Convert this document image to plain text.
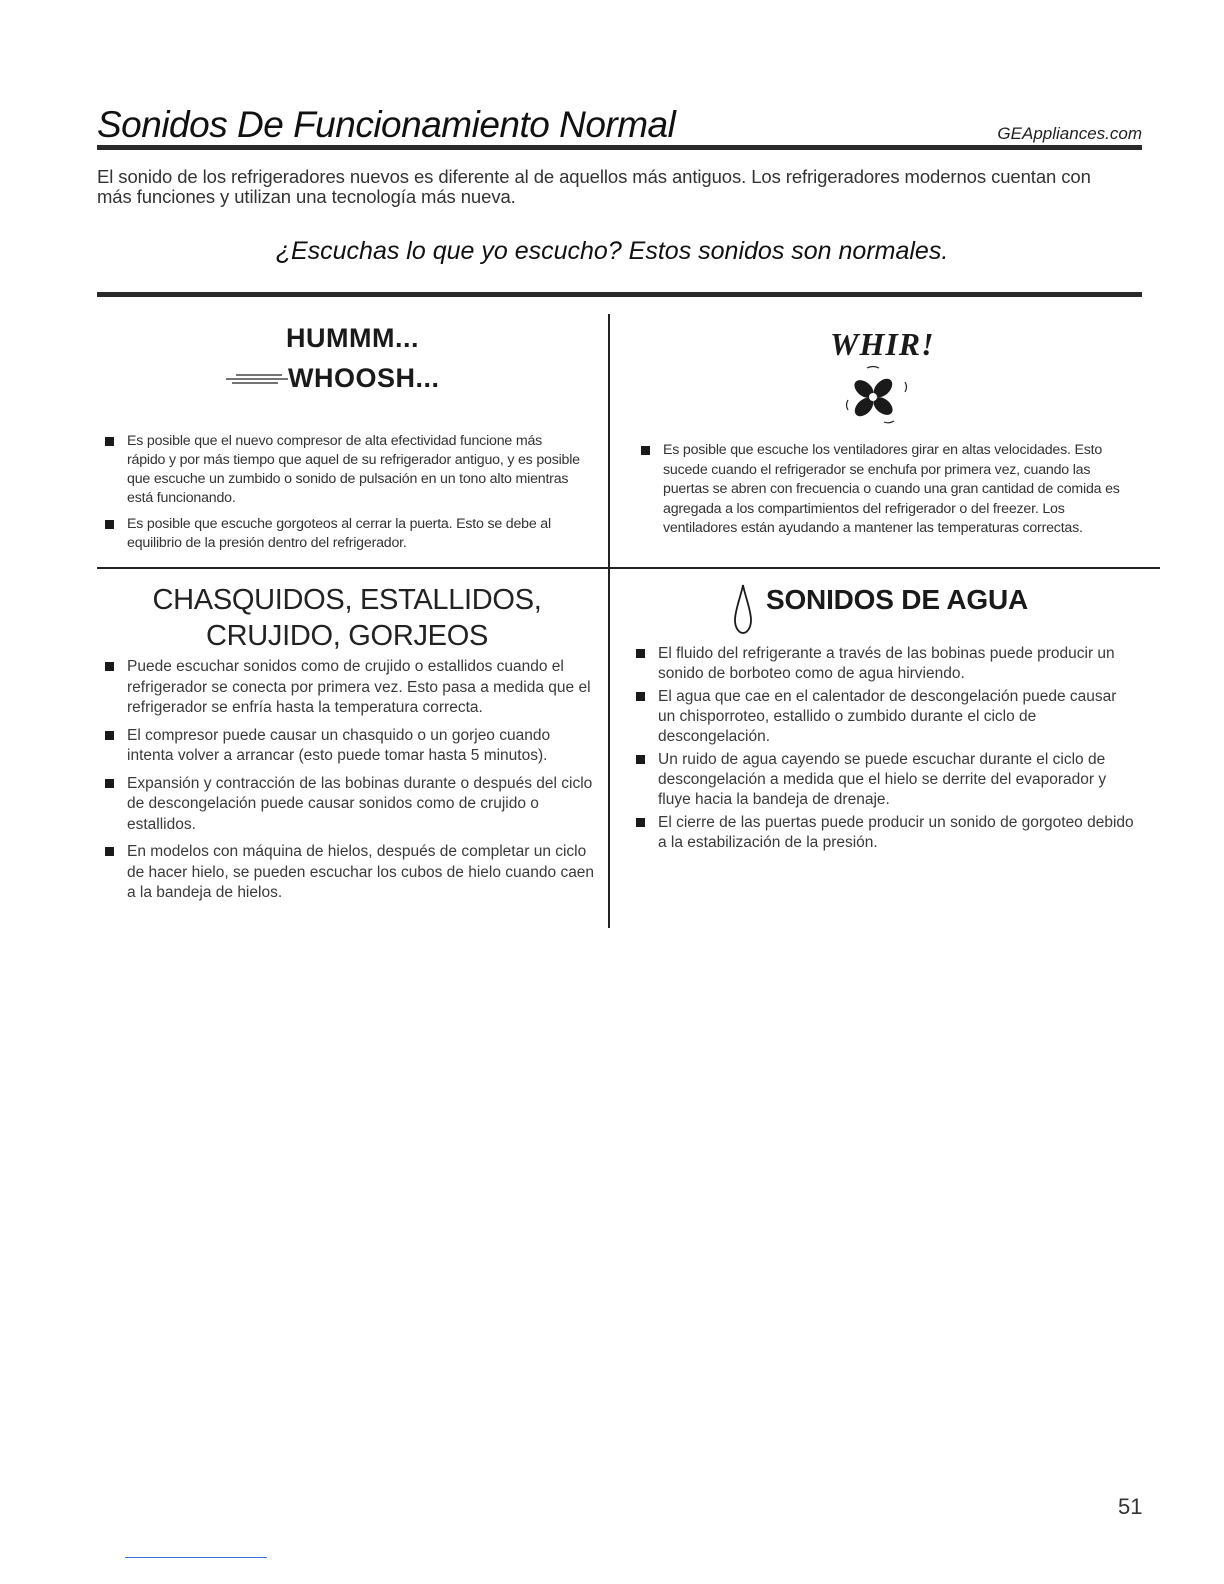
Sonidos De Funcionamiento Normal	GEAppliances.com
El sonido de los refrigeradores nuevos es diferente al de aquellos más antiguos. Los refrigeradores modernos cuentan con más funciones y utilizan una tecnología más nueva.
¿Escuchas lo que yo escucho? Estos sonidos son normales.
HUMMM...
WHOOSH...
Es posible que el nuevo compresor de alta efectividad funcione más rápido y por más tiempo que aquel de su refrigerador antiguo, y es posible que escuche un zumbido o sonido de pulsación en un tono alto mientras está funcionando.
Es posible que escuche gorgoteos al cerrar la puerta. Esto se debe al equilibrio de la presión dentro del refrigerador.
WHIR!
Es posible que escuche los ventiladores girar en altas velocidades. Esto sucede cuando el refrigerador se enchufa por primera vez, cuando las puertas se abren con frecuencia o cuando una gran cantidad de comida es agregada a los compartimientos del refrigerador o del freezer. Los ventiladores están ayudando a mantener las temperaturas correctas.
CHASQUIDOS, ESTALLIDOS,
CRUJIDO, GORJEOS
Puede escuchar sonidos como de crujido o estallidos cuando el refrigerador se conecta por primera vez. Esto pasa a medida que el refrigerador se enfría hasta la temperatura correcta.
El compresor puede causar un chasquido o un gorjeo cuando intenta volver a arrancar (esto puede tomar hasta 5 minutos).
Expansión y contracción de las bobinas durante o después del ciclo de descongelación puede causar sonidos como de crujido o estallidos.
En modelos con máquina de hielos, después de completar un ciclo de hacer hielo, se pueden escuchar los cubos de hielo cuando caen a la bandeja de hielos.
SONIDOS DE AGUA
El fluido del refrigerante a través de las bobinas puede producir un sonido de borboteo como de agua hirviendo.
El agua que cae en el calentador de descongelación puede causar un chisporroteo, estallido o zumbido durante el ciclo de descongelación.
Un ruido de agua cayendo se puede escuchar durante el ciclo de descongelación a medida que el hielo se derrite del evaporador y fluye hacia la bandeja de drenaje.
El cierre de las puertas puede producir un sonido de gorgoteo debido a la estabilización de la presión.
51
